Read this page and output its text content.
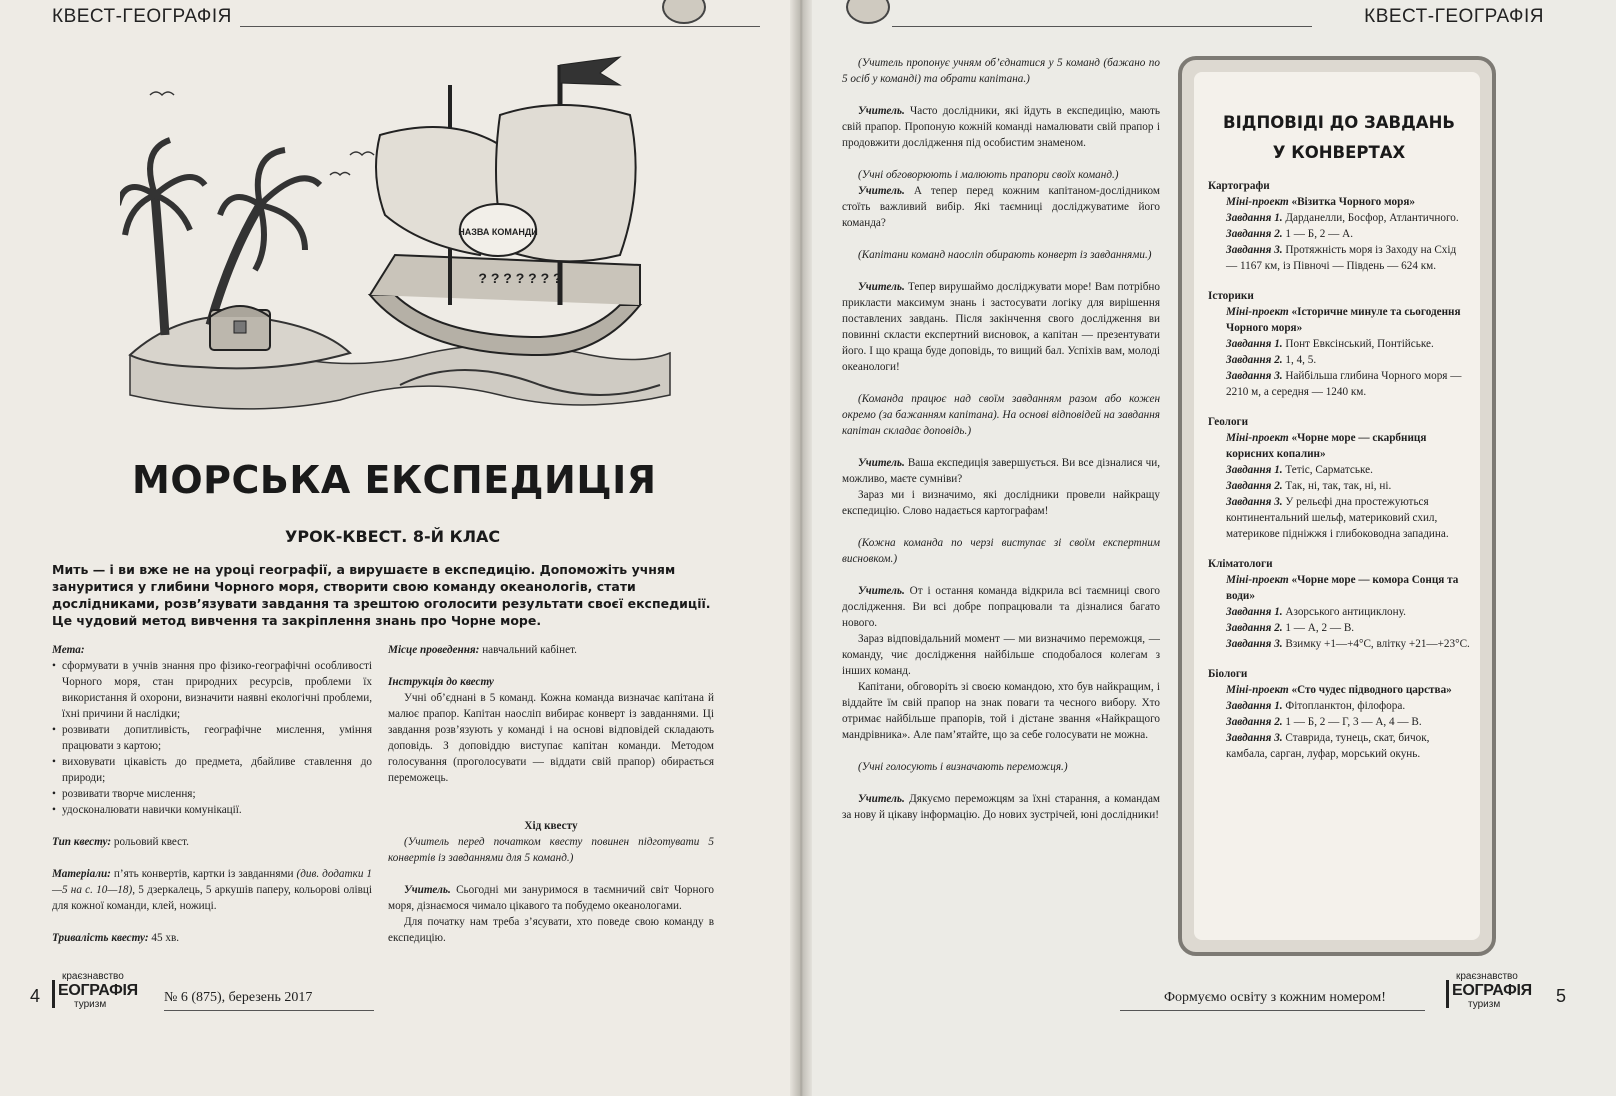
КВЕСТ-ГЕОГРАФІЯ	КВЕСТ-ГЕОГРАФІЯ
НАЗВА КОМАНДИ
? ? ? ? ? ? ?
МОРСЬКА ЕКСПЕДИЦІЯ
УРОК-КВЕСТ. 8-Й КЛАС
Мить — і ви вже не на уроці географії, а вирушаєте в експедицію. Допоможіть учням зануритися у глибини Чорного моря, створити свою команду океанологів, стати дослідниками, розв’язувати завдання та зрештою оголосити результати своєї експедиції. Це чудовий метод вивчення та закріплення знань про Чорне море.

Мета:

• сформувати в учнів знання про фізико-географічні особливості Чорного моря, стан природних ресурсів, проблеми їх використання й охорони, визначити наявні екологічні проблеми, їхні причини й наслідки;

• розвивати допитливість, географічне мислення, уміння працювати з картою;

• виховувати цікавість до предмета, дбайливе ставлення до природи;

• розвивати творче мислення;

• удосконалювати навички комунікації.

Тип квесту: рольовий квест.

Матеріали: п’ять конвертів, картки із завданнями (див. додатки 1—5 на с. 10—18), 5 дзеркалець, 5 аркушів паперу, кольорові олівці для кожної команди, клей, ножиці.

Тривалість квесту: 45 хв.

Місце проведення: навчальний кабінет.

Інструкція до квесту

Учні об’єднані в 5 команд. Кожна команда визначає капітана й малює прапор. Капітан наосліп вибирає конверт із завданнями. Ці завдання розв’язують у команді і на основі відповідей складають доповідь. З доповіддю виступає капітан команди. Методом голосування (проголосувати — віддати свій прапор) обирається переможець.

Хід квесту

(Учитель перед початком квесту повинен підготувати 5 конвертів із завданнями для 5 команд.)

Учитель. Сьогодні ми зануримося в таємничий світ Чорного моря, дізнаємося чимало цікавого та побудемо океанологами.

Для початку нам треба з’ясувати, хто поведе свою команду в експедицію.

(Учитель пропонує учням об’єднатися у 5 команд (бажано по 5 осіб у команді) та обрати капітана.)

Учитель. Часто дослідники, які йдуть в експедицію, мають свій прапор. Пропоную кожній команді намалювати свій прапор і продовжити дослідження під особистим знаменом.

(Учні обговорюють і малюють прапори своїх команд.)

Учитель. А тепер перед кожним капітаном-дослідником стоїть важливий вибір. Які таємниці досліджуватиме його команда?

(Капітани команд наосліп обирають конверт із завданнями.)

Учитель. Тепер вирушаймо досліджувати море! Вам потрібно прикласти максимум знань і застосувати логіку для вирішення поставлених завдань. Після закінчення свого дослідження ви повинні скласти експертний висновок, а капітан — презентувати його. І що краща буде доповідь, то вищий бал. Успіхів вам, молоді океанологи!

(Команда працює над своїм завданням разом або кожен окремо (за бажанням капітана). На основі відповідей на завдання капітан складає доповідь.)

Учитель. Ваша експедиція завершується. Ви все дізналися чи, можливо, маєте сумніви?

Зараз ми і визначимо, які дослідники провели найкращу експедицію. Слово надається картографам!

(Кожна команда по черзі виступає зі своїм експертним висновком.)

Учитель. От і остання команда відкрила всі таємниці свого дослідження. Ви всі добре попрацювали та дізналися багато нового.

Зараз відповідальний момент — ми визначимо переможця, — команду, чиє дослідження найбільше сподобалося колегам з інших команд.

Капітани, обговоріть зі своєю командою, хто був найкращим, і віддайте їм свій прапор на знак поваги та чесного вибору. Хто отримає найбільше прапорів, той і дістане звання «Найкращого мандрівника». Але пам’ятайте, що за себе голосувати не можна.

(Учні голосують і визначають переможця.)

Учитель. Дякуємо переможцям за їхні старання, а командам за нову й цікаву інформацію. До нових зустрічей, юні дослідники!

ВІДПОВІДІ ДО ЗАВДАНЬ
У КОНВЕРТАХ
Картографи
Міні-проект «Візитка Чорного моря»
Завдання 1. Дарданелли, Босфор, Атлантичного.
Завдання 2. 1 — Б, 2 — А.
Завдання 3. Протяжність моря із Заходу на Схід — 1167 км, із Півночі — Південь — 624 км.
Історики
Міні-проект «Історичне минуле та сьогодення Чорного моря»
Завдання 1. Понт Евксінський, Понтійське.
Завдання 2. 1, 4, 5.
Завдання 3. Найбільша глибина Чорного моря — 2210 м, а середня — 1240 км.
Геологи
Міні-проект «Чорне море — скарбниця корисних копалин»
Завдання 1. Тетіс, Сарматське.
Завдання 2. Так, ні, так, так, ні, ні.
Завдання 3. У рельєфі дна простежуються континентальний шельф, материковий схил, материкове підніжжя і глибоководна западина.
Кліматологи
Міні-проект «Чорне море — комора Сонця та води»
Завдання 1. Азорського антициклону.
Завдання 2. 1 — А, 2 — В.
Завдання 3. Взимку +1—+4°С, влітку +21—+23°С.
Біологи
Міні-проект «Сто чудес підводного царства»
Завдання 1. Фітопланктон, філофора.
Завдання 2. 1 — Б, 2 — Г, 3 — А, 4 — В.
Завдання 3. Ставрида, тунець, скат, бичок, камбала, сарган, луфар, морський окунь.
4
краєзнавство
ЕОГРАФІЯ
туризм	№ 6 (875), березень 2017	Формуємо освіту з кожним номером!
краєзнавство
ЕОГРАФІЯ
туризм	5
